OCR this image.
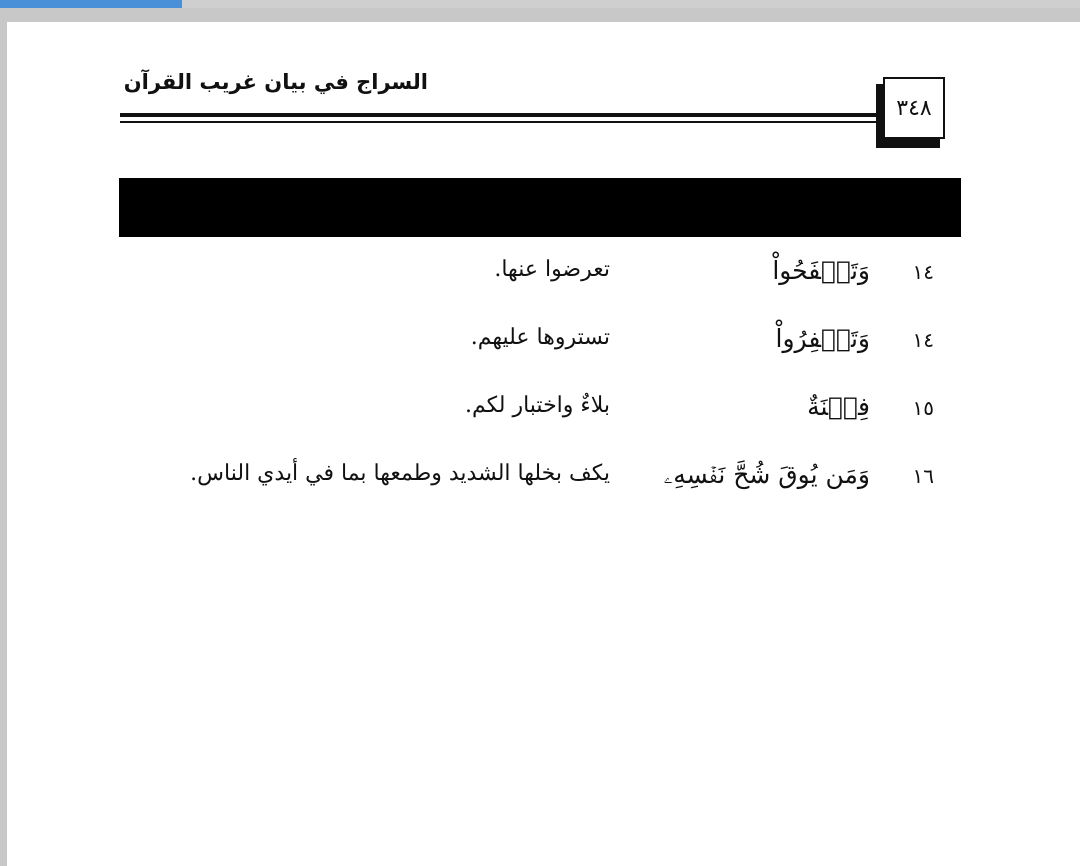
السراج في بيان غريب القرآن
٣٤٨
١٤
وَتَصۡفَحُواْ
تعرضوا عنها.
١٤
وَتَغۡفِرُواْ
تستروها عليهم.
١٥
فِتۡنَةٌ
بلاءٌ واختبار لكم.
١٦
وَمَن يُوقَ شُحَّ نَفۡسِهِۦ
يكف بخلها الشديد وطمعها بما في أيدي الناس.
